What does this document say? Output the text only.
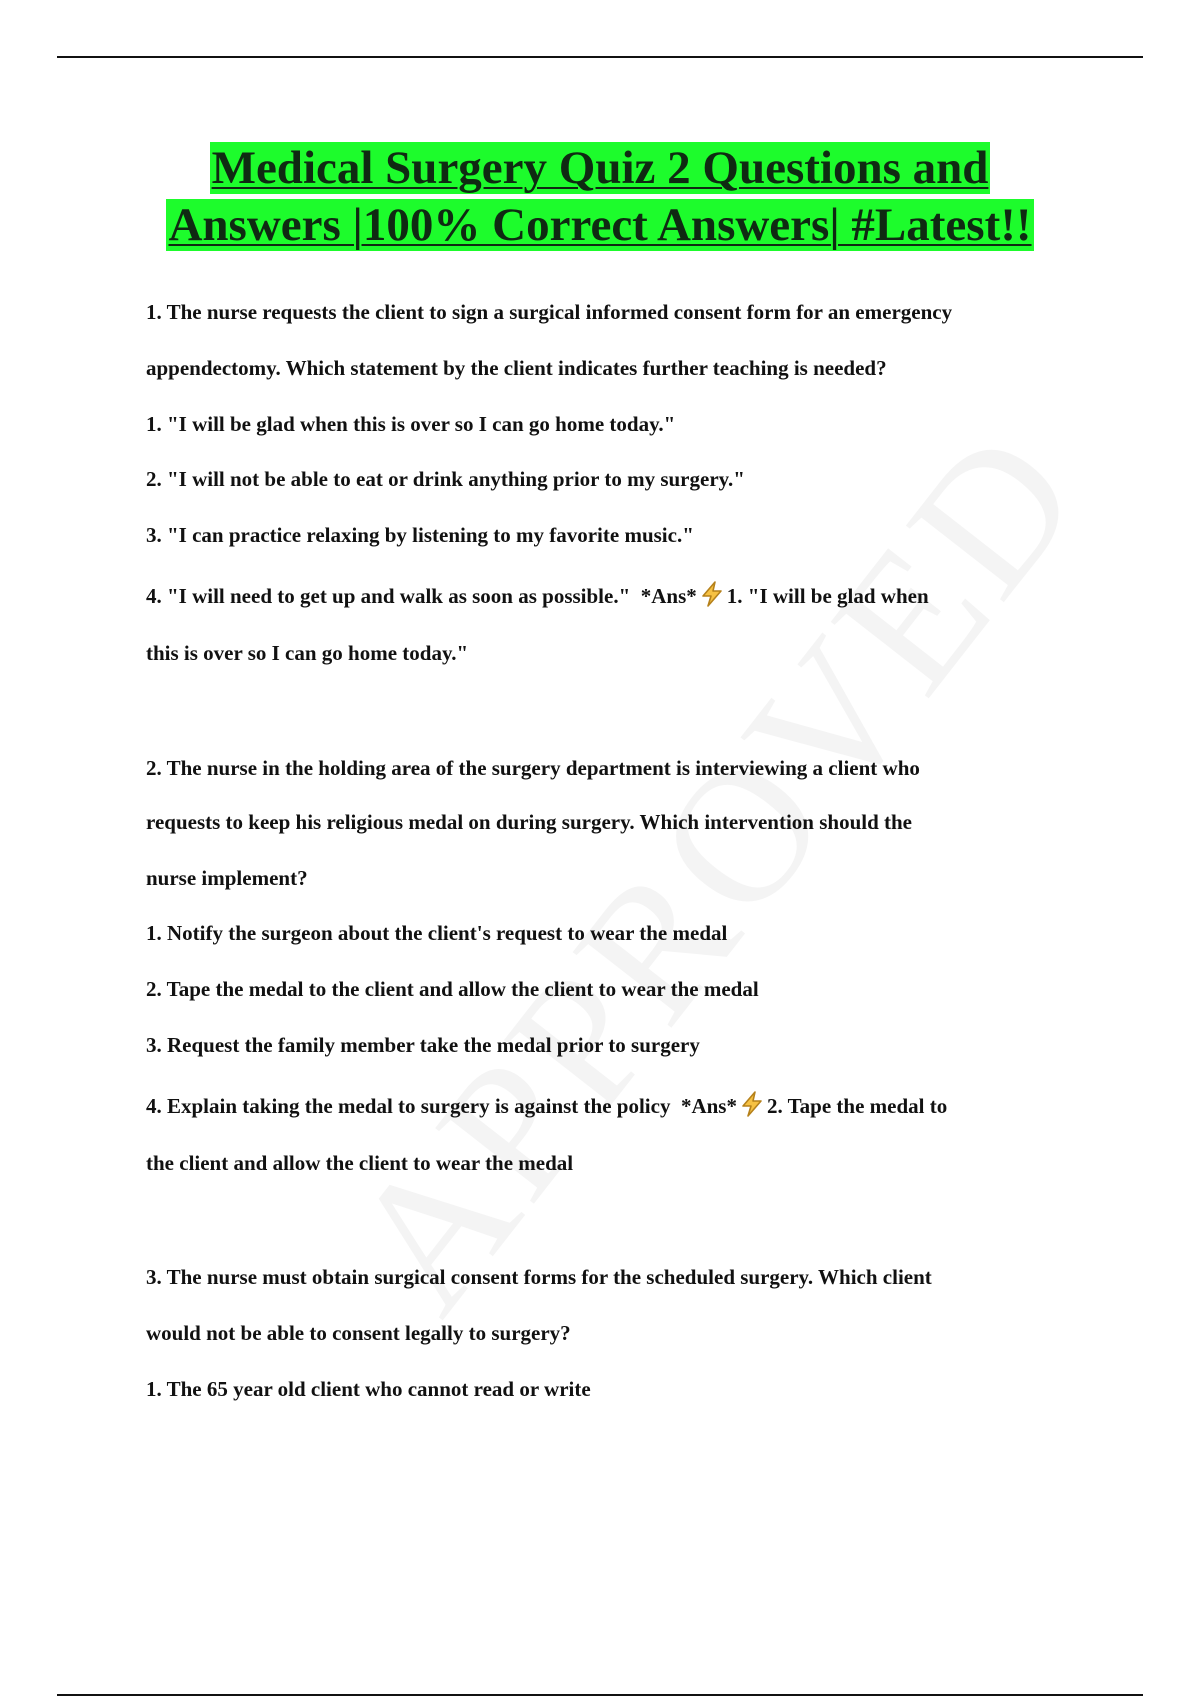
Medical Surgery Quiz 2 Questions and
Answers |100% Correct Answers| #Latest!!
1. The nurse requests the client to sign a surgical informed consent form for an emergency
appendectomy. Which statement by the client indicates further teaching is needed?
1. "I will be glad when this is over so I can go home today."
2. "I will not be able to eat or drink anything prior to my surgery."
3. "I can practice relaxing by listening to my favorite music."
4. "I will need to get up and walk as soon as possible." *Ans* 1. "I will be glad when
this is over so I can go home today."
2. The nurse in the holding area of the surgery department is interviewing a client who
requests to keep his religious medal on during surgery. Which intervention should the
nurse implement?
1. Notify the surgeon about the client's request to wear the medal
2. Tape the medal to the client and allow the client to wear the medal
3. Request the family member take the medal prior to surgery
4. Explain taking the medal to surgery is against the policy *Ans* 2. Tape the medal to
the client and allow the client to wear the medal
3. The nurse must obtain surgical consent forms for the scheduled surgery. Which client
would not be able to consent legally to surgery?
1. The 65 year old client who cannot read or write
